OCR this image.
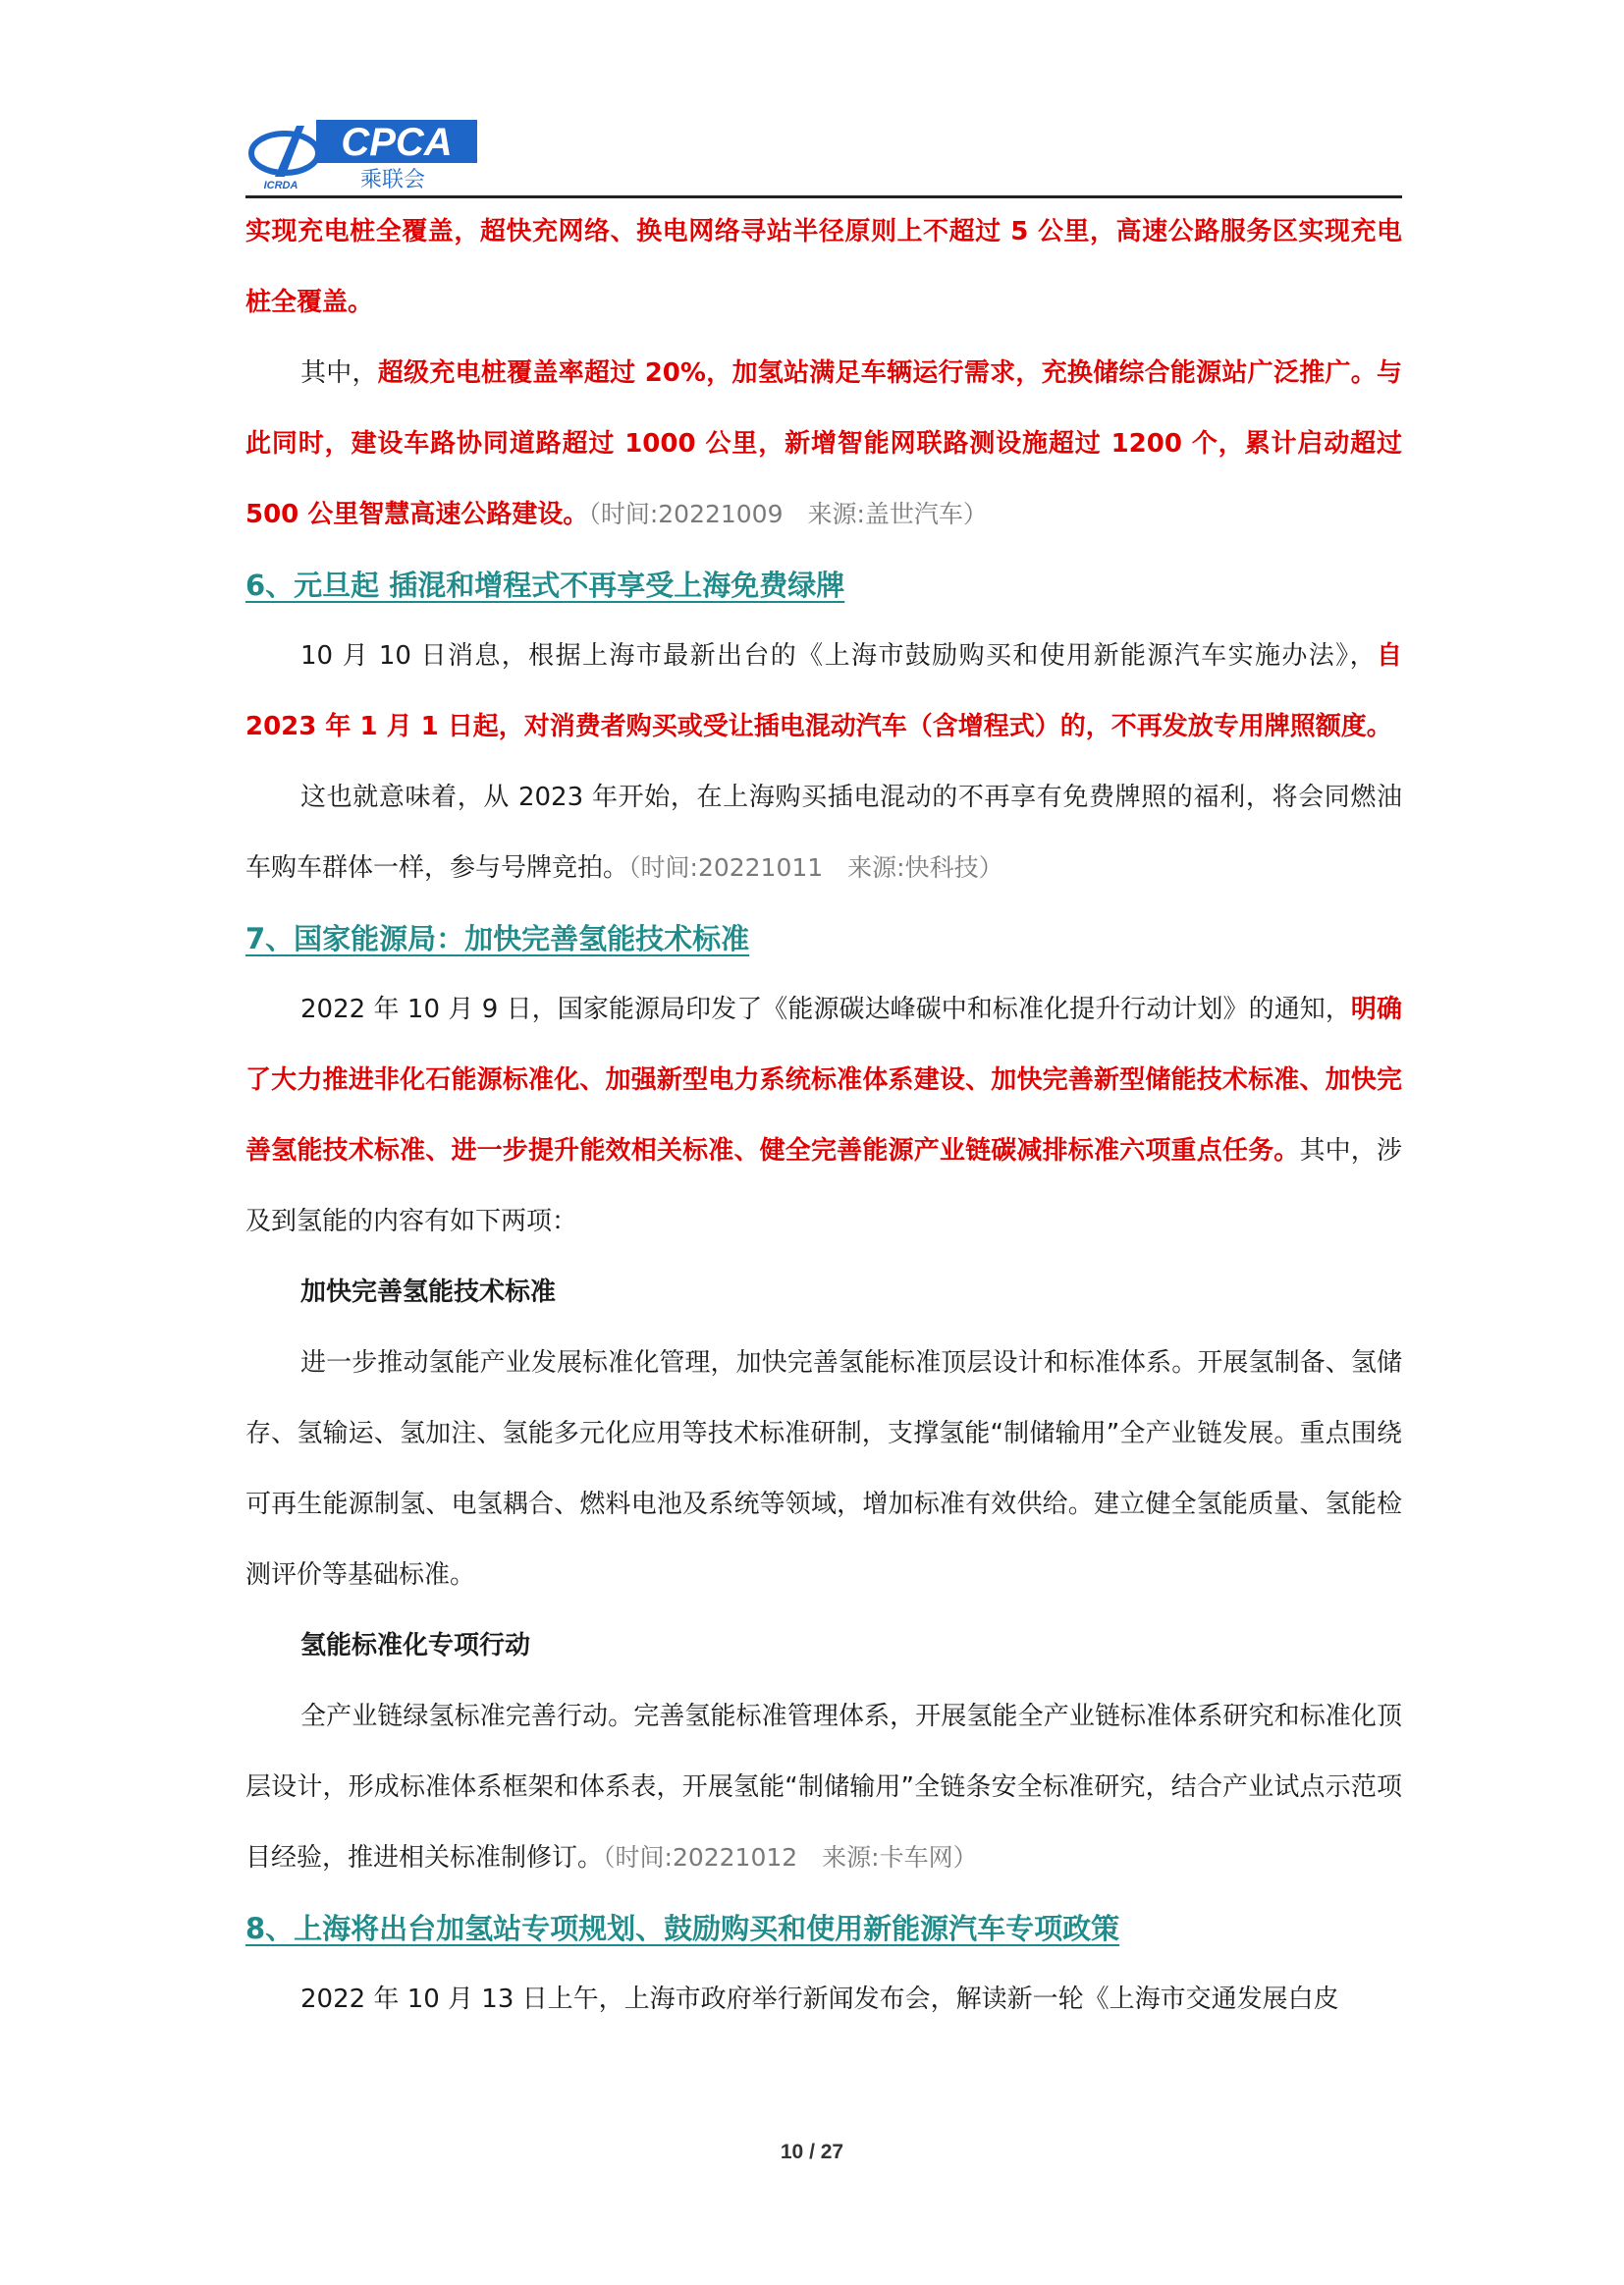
CPCA
乘联会
ICRDA

实现充电桩全覆盖，超快充网络、换电网络寻站半径原则上不超过 5 公里，高速公路服务区实现充电桩全覆盖。

其中，超级充电桩覆盖率超过 20%，加氢站满足车辆运行需求，充换储综合能源站广泛推广。与此同时，建设车路协同道路超过 1000 公里，新增智能网联路测设施超过 1200 个，累计启动超过 500 公里智慧高速公路建设。（时间:20221009　来源:盖世汽车）

6、元旦起 插混和增程式不再享受上海免费绿牌

10 月 10 日消息，根据上海市最新出台的《上海市鼓励购买和使用新能源汽车实施办法》，自 2023 年 1 月 1 日起，对消费者购买或受让插电混动汽车（含增程式）的，不再发放专用牌照额度。

这也就意味着，从 2023 年开始，在上海购买插电混动的不再享有免费牌照的福利，将会同燃油车购车群体一样，参与号牌竞拍。（时间:20221011　来源:快科技）

7、国家能源局：加快完善氢能技术标准

2022 年 10 月 9 日，国家能源局印发了《能源碳达峰碳中和标准化提升行动计划》的通知，明确了大力推进非化石能源标准化、加强新型电力系统标准体系建设、加快完善新型储能技术标准、加快完善氢能技术标准、进一步提升能效相关标准、健全完善能源产业链碳减排标准六项重点任务。其中，涉及到氢能的内容有如下两项：

加快完善氢能技术标准

进一步推动氢能产业发展标准化管理，加快完善氢能标准顶层设计和标准体系。开展氢制备、氢储存、氢输运、氢加注、氢能多元化应用等技术标准研制，支撑氢能“制储输用”全产业链发展。重点围绕可再生能源制氢、电氢耦合、燃料电池及系统等领域，增加标准有效供给。建立健全氢能质量、氢能检测评价等基础标准。

氢能标准化专项行动

全产业链绿氢标准完善行动。完善氢能标准管理体系，开展氢能全产业链标准体系研究和标准化顶层设计，形成标准体系框架和体系表，开展氢能“制储输用”全链条安全标准研究，结合产业试点示范项目经验，推进相关标准制修订。（时间:20221012　来源:卡车网）

8、上海将出台加氢站专项规划、鼓励购买和使用新能源汽车专项政策

2022 年 10 月 13 日上午，上海市政府举行新闻发布会，解读新一轮《上海市交通发展白皮

10 / 27
